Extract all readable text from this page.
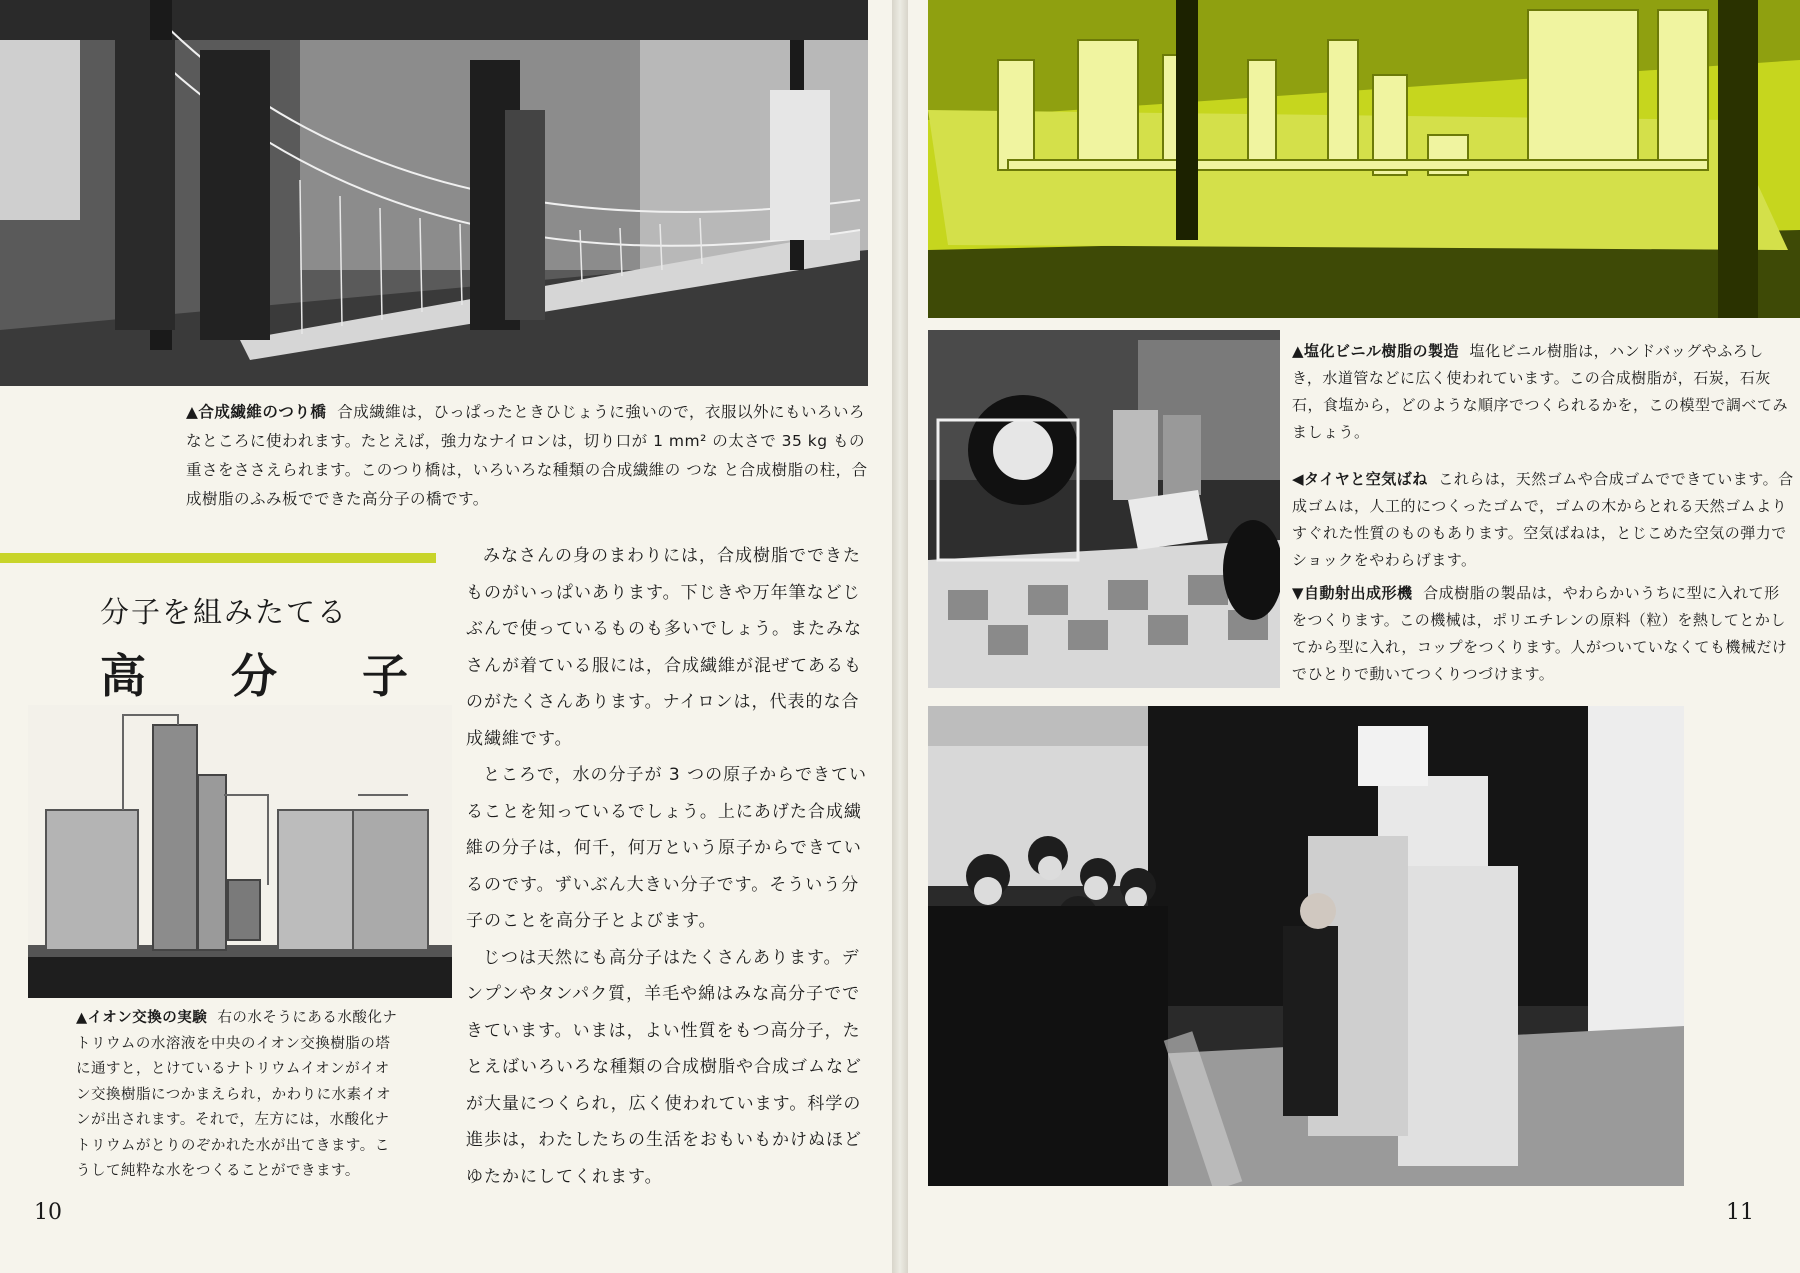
▲合成繊維のつり橋 合成繊維は，ひっぱったときひじょうに強いので，衣服以外にもいろいろなところに使われます。たとえば，強力なナイロンは，切り口が 1 mm² の太さで 35 kg もの重さをささえられます。このつり橋は，いろいろな種類の合成繊維の つな と合成樹脂の柱，合成樹脂のふみ板でできた高分子の橋です。
分子を組みたてる
高 分 子
▲イオン交換の実験 右の水そうにある水酸化ナトリウムの水溶液を中央のイオン交換樹脂の塔に通すと，とけているナトリウムイオンがイオン交換樹脂につかまえられ，かわりに水素イオンが出されます。それで，左方には，水酸化ナトリウムがとりのぞかれた水が出てきます。こうして純粋な水をつくることができます。

みなさんの身のまわりには，合成樹脂でできたものがいっぱいあります。下じきや万年筆などじぶんで使っているものも多いでしょう。またみなさんが着ている服には，合成繊維が混ぜてあるものがたくさんあります。ナイロンは，代表的な合成繊維です。

ところで，水の分子が 3 つの原子からできていることを知っているでしょう。上にあげた合成繊維の分子は，何千，何万という原子からできているのです。ずいぶん大きい分子です。そういう分子のことを高分子とよびます。

じつは天然にも高分子はたくさんあります。デンプンやタンパク質，羊毛や綿はみな高分子でできています。いまは，よい性質をもつ高分子，たとえばいろいろな種類の合成樹脂や合成ゴムなどが大量につくられ，広く使われています。科学の進歩は，わたしたちの生活をおもいもかけぬほどゆたかにしてくれます。

10
▲塩化ビニル樹脂の製造 塩化ビニル樹脂は，ハンドバッグやふろしき，水道管などに広く使われています。この合成樹脂が，石炭，石灰石，食塩から，どのような順序でつくられるかを，この模型で調べてみましょう。
◀タイヤと空気ばね これらは，天然ゴムや合成ゴムでできています。合成ゴムは，人工的につくったゴムで，ゴムの木からとれる天然ゴムよりすぐれた性質のものもあります。空気ばねは，とじこめた空気の弾力でショックをやわらげます。
▼自動射出成形機 合成樹脂の製品は，やわらかいうちに型に入れて形をつくります。この機械は，ポリエチレンの原料（粒）を熱してとかしてから型に入れ，コップをつくります。人がついていなくても機械だけでひとりで動いてつくりつづけます。
11
